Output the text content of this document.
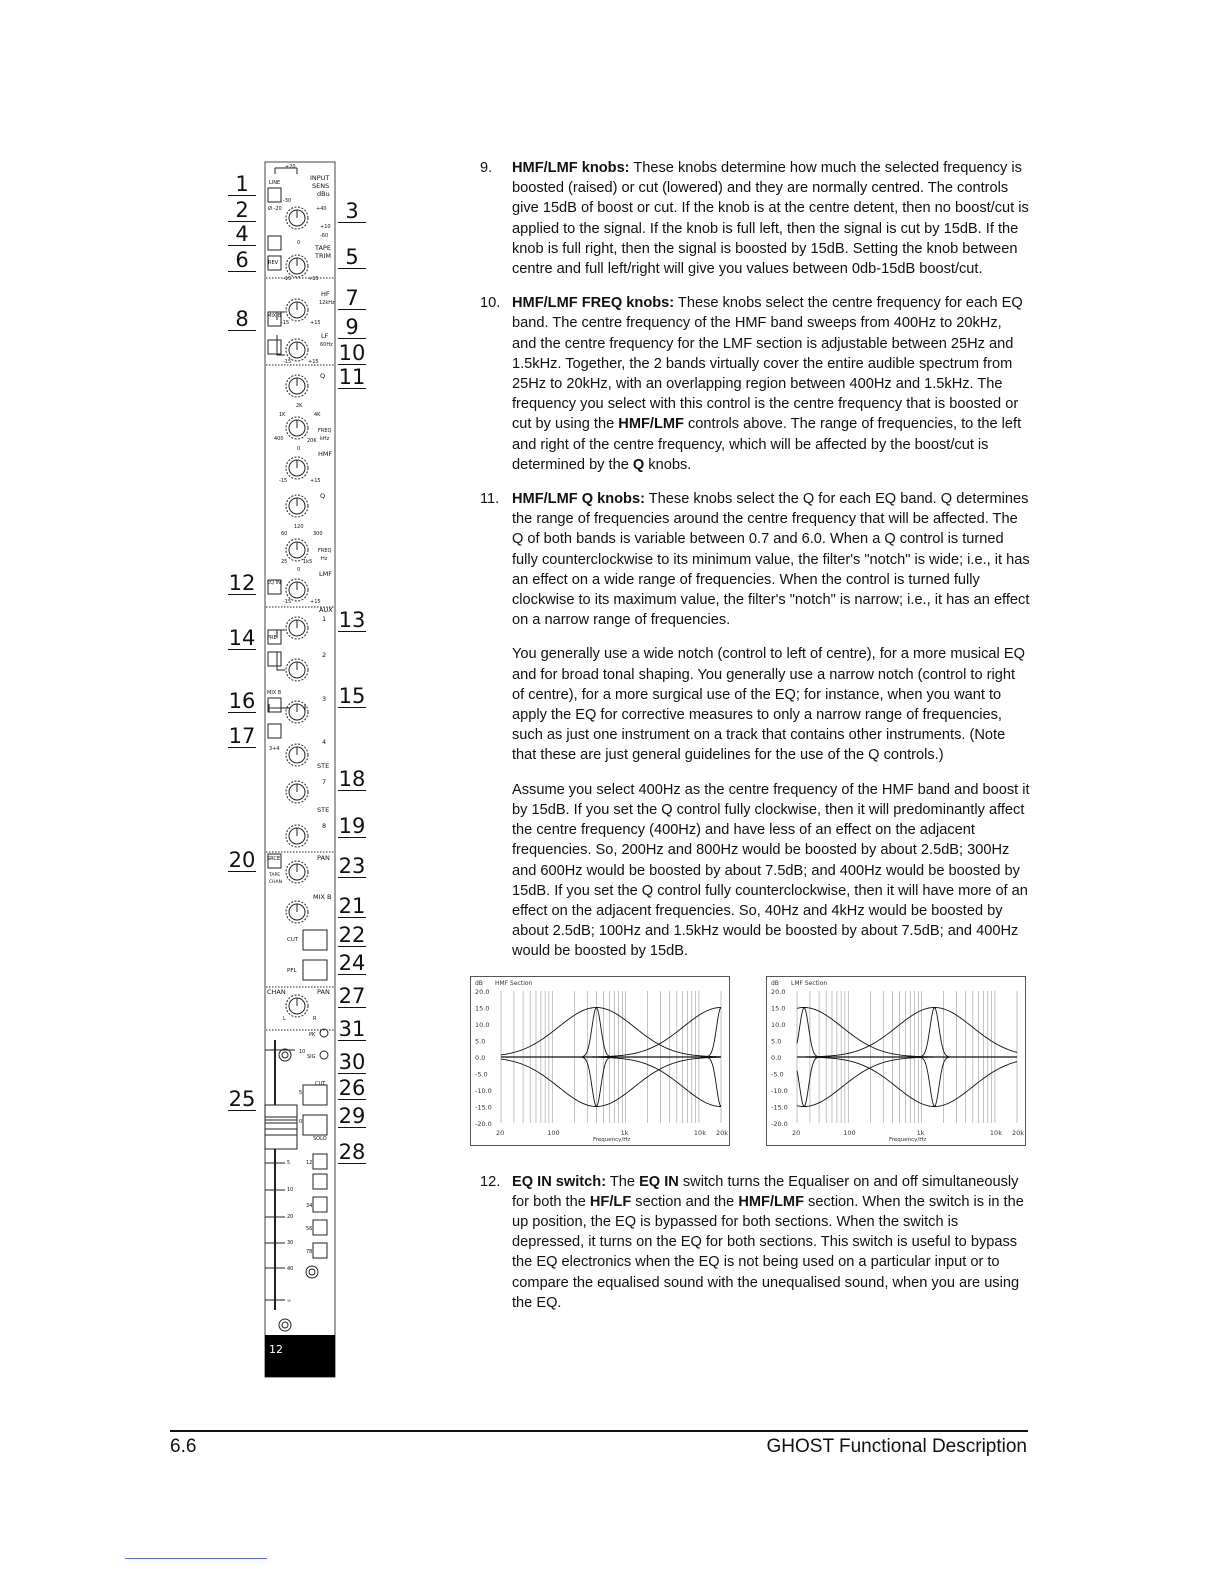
12
+20
LINE
INPUT
SENS
dBu
-30
Ø -20	+40
+10
-60
0
TAPE
TRIM
REV
-15	+15
HF
12kHz
MIX B
-15	+15
LF
60Hz
-15	+15
Q
2K
1K	4K
FREQ
kHz
400	20K
0
HMF
-15	+15
Q
120
60	300
FREQ
Hz
25	1k5
0	LMF
EQ IN
-15	+15
AUX
1
PRE
2
MIX B
3
4
3+4
STE
7
STE
8
SRCE	PAN
TAPE
CHAN
MIX B
CUT
PFL
CHAN	PAN
L	R
PK
SIG
CUT
SOLO
10
5
0
5
10
20
30
40
∞
12
34
56
78
1
2
4
6
8
12
14
16
17
20
25
3
5
7
9
10
11
13
15
18
19
23
21
22
24
27
31
30
26
29
28
9. HMF/LMF knobs: These knobs determine how much the selected frequency is boosted (raised) or cut (lowered) and they are normally centred. The controls give 15dB of boost or cut. If the knob is at the centre detent, then no boost/cut is applied to the signal. If the knob is full left, then the signal is cut by 15dB. If the knob is full right, then the signal is boosted by 15dB. Setting the knob between centre and full left/right will give you values between 0db-15dB boost/cut.
10. HMF/LMF FREQ knobs: These knobs select the centre frequency for each EQ band. The centre frequency of the HMF band sweeps from 400Hz to 20kHz, and the centre frequency for the LMF section is adjustable between 25Hz and 1.5kHz. Together, the 2 bands virtually cover the entire audible spectrum from 25Hz to 20kHz, with an overlapping region between 400Hz and 1.5kHz. The frequency you select with this control is the centre frequency that is boosted or cut by using the HMF/LMF controls above. The range of frequencies, to the left and right of the centre frequency, which will be affected by the boost/cut is determined by the Q knobs.
11. HMF/LMF Q knobs: These knobs select the Q for each EQ band. Q determines the range of frequencies around the centre frequency that will be affected. The Q of both bands is variable between 0.7 and 6.0. When a Q control is turned fully counterclockwise to its minimum value, the filter's "notch" is wide; i.e., it has an effect on a wide range of frequencies. When the control is turned fully clockwise to its maximum value, the filter's "notch" is narrow; i.e., it has an effect on a narrow range of frequencies.
You generally use a wide notch (control to left of centre), for a more musical EQ and for broad tonal shaping. You generally use a narrow notch (control to right of centre), for a more surgical use of the EQ; for instance, when you want to apply the EQ for corrective measures to only a narrow range of frequencies, such as just one instrument on a track that contains other instruments. (Note that these are just general guidelines for the use of the Q controls.)
Assume you select 400Hz as the centre frequency of the HMF band and boost it by 15dB. If you set the Q control fully clockwise, then it will predominantly affect the centre frequency (400Hz) and have less of an effect on the adjacent frequencies. So, 200Hz and 800Hz would be boosted by about 2.5dB; 300Hz and 600Hz would be boosted by about 7.5dB; and 400Hz would be boosted by 15dB. If you set the Q control fully counterclockwise, then it will have more of an effect on the adjacent frequencies. So, 40Hz and 4kHz would be boosted by about 2.5dB; 100Hz and 1.5kHz would be boosted by about 7.5dB; and 400Hz would be boosted by 15dB.
20.0
15.0
10.0
5.0
0.0
-5.0
-10.0
-15.0
-20.0
dB HMF Section
20	100	1k	10k 20k
Frequency/Hz
20.0
15.0
10.0
5.0
0.0
-5.0
-10.0
-15.0
-20.0
dB LMF Section
20	100	1k	10k 20k
Frequency/Hz
12. EQ IN switch: The EQ IN switch turns the Equaliser on and off simultaneously for both the HF/LF section and the HMF/LMF section. When the switch is in the up position, the EQ is bypassed for both sections. When the switch is depressed, it turns on the EQ for both sections. This switch is useful to bypass the EQ electronics when the EQ is not being used on a particular input or to compare the equalised sound with the unequalised sound, when you are using the EQ.
6.6	GHOST Functional Description
